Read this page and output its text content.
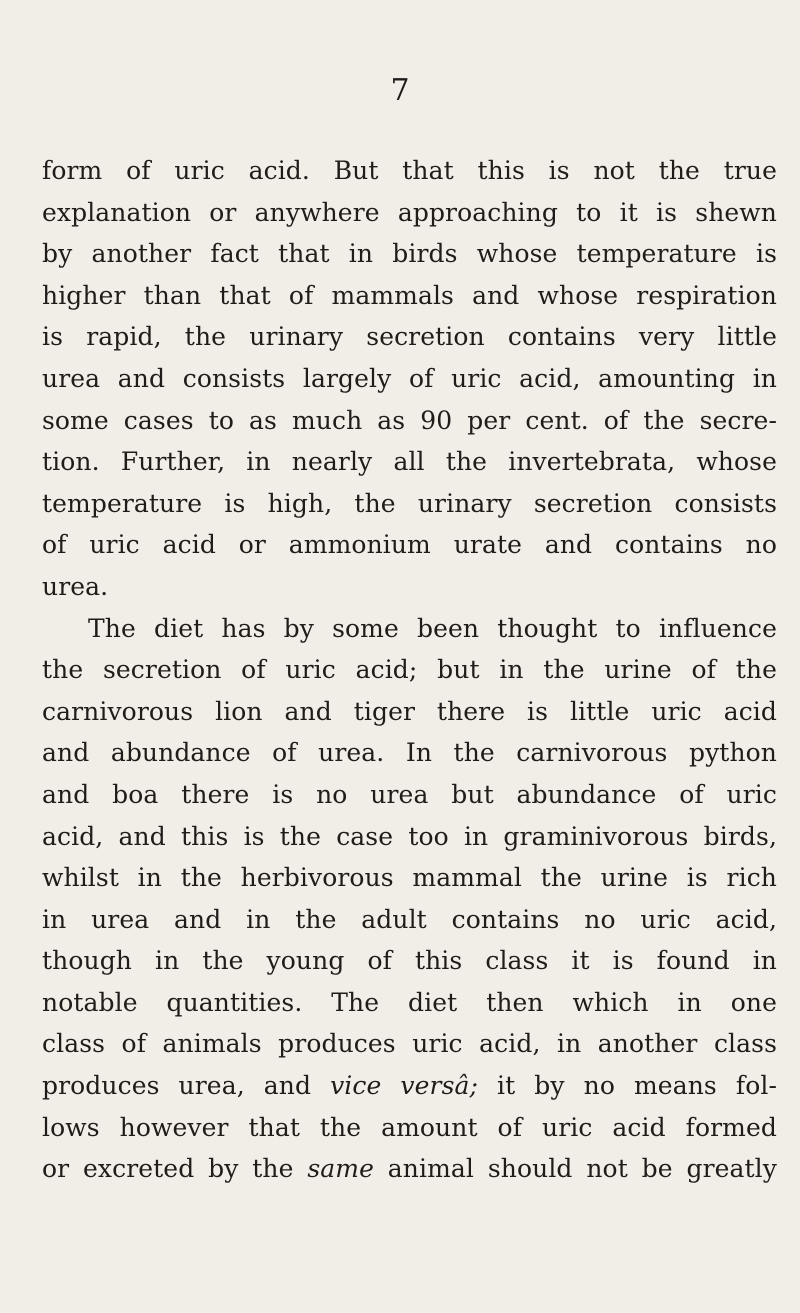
7
form of uric acid. But that this is not the true
explanation or anywhere approaching to it is shewn
by another fact that in birds whose temperature is
higher than that of mammals and whose respiration
is rapid, the urinary secretion contains very little
urea and consists largely of uric acid, amounting in
some cases to as much as 90 per cent. of the secre-
tion. Further, in nearly all the invertebrata, whose
temperature is high, the urinary secretion consists
of uric acid or ammonium urate and contains no
urea.
The diet has by some been thought to influence
the secretion of uric acid; but in the urine of the
carnivorous lion and tiger there is little uric acid
and abundance of urea. In the carnivorous python
and boa there is no urea but abundance of uric
acid, and this is the case too in graminivorous birds,
whilst in the herbivorous mammal the urine is rich
in urea and in the adult contains no uric acid,
though in the young of this class it is found in
notable quantities. The diet then which in one
class of animals produces uric acid, in another class
produces urea, and vice versâ; it by no means fol-
lows however that the amount of uric acid formed
or excreted by the same animal should not be greatly
